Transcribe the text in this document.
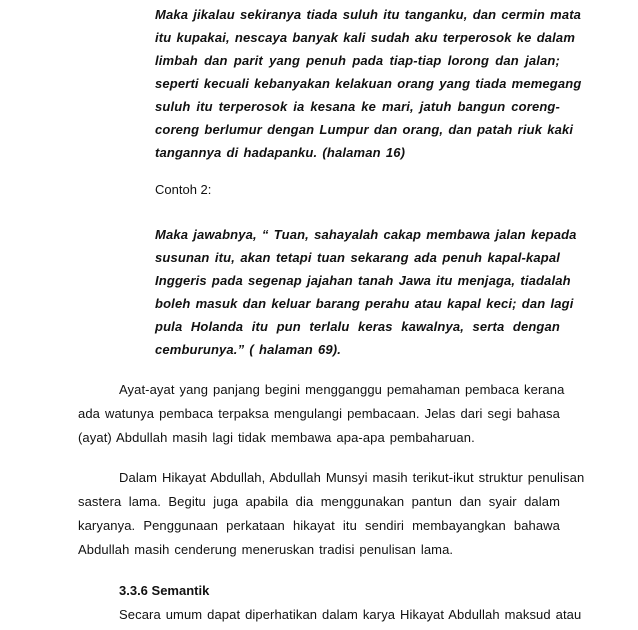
Maka jikalau sekiranya tiada suluh itu tanganku, dan cermin mata
itu kupakai, nescaya banyak kali sudah aku terperosok ke dalam
limbah dan parit yang penuh pada tiap-tiap lorong dan jalan;
seperti kecuali kebanyakan kelakuan orang yang tiada memegang
suluh itu terperosok ia kesana ke mari, jatuh bangun coreng-
coreng berlumur dengan Lumpur dan orang, dan patah riuk kaki
tangannya di hadapanku. (halaman 16)
Contoh 2:
Maka jawabnya, “ Tuan, sahayalah cakap membawa jalan kepada
susunan itu, akan tetapi tuan sekarang ada penuh kapal-kapal
Inggeris pada segenap jajahan tanah Jawa itu menjaga, tiadalah
boleh masuk dan keluar barang perahu atau kapal keci; dan lagi
pula Holanda itu pun terlalu keras kawalnya, serta dengan
cemburunya.” ( halaman 69).
Ayat-ayat yang panjang begini mengganggu pemahaman pembaca kerana
ada watunya pembaca terpaksa mengulangi pembacaan. Jelas dari segi bahasa
(ayat) Abdullah masih lagi tidak membawa apa-apa pembaharuan.
Dalam Hikayat Abdullah, Abdullah Munsyi masih terikut-ikut struktur penulisan
sastera lama. Begitu juga apabila dia menggunakan pantun dan syair dalam
karyanya. Penggunaan perkataan hikayat itu sendiri membayangkan bahawa
Abdullah masih cenderung meneruskan tradisi penulisan lama.
3.3.6 Semantik
Secara umum dapat diperhatikan dalam karya Hikayat Abdullah maksud atau
